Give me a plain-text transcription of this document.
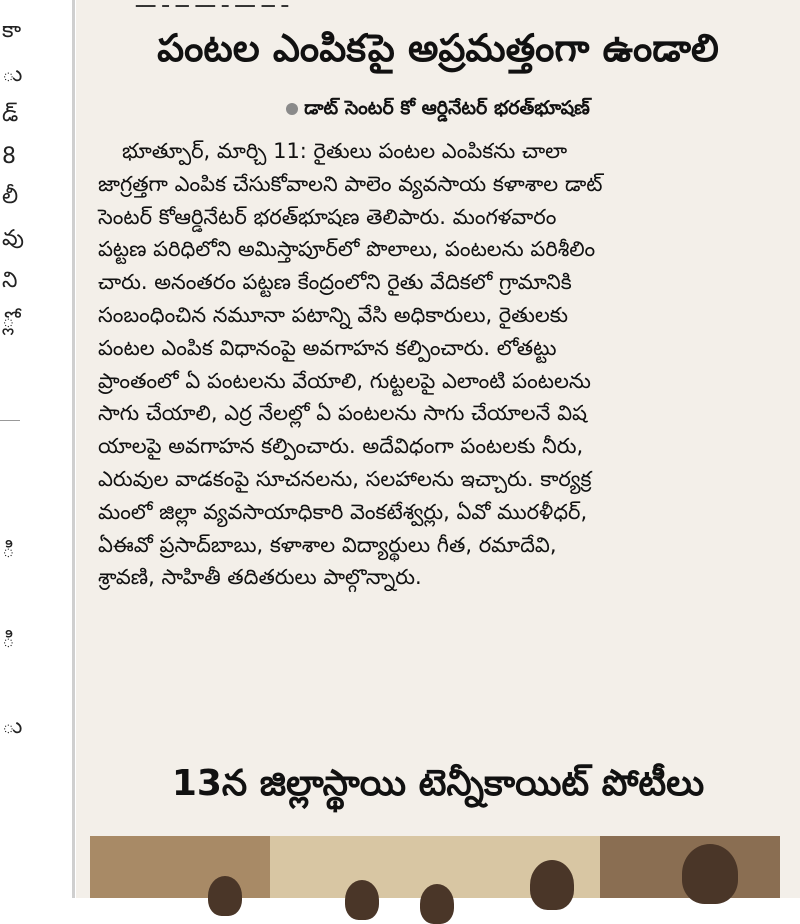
కా
ు
డ్
8
లీ
వు
ని
్లో
ి
ి
ు
ـ ــ ـــ ـ ـــ ــ ـ ـــ
పంటల ఎంపికపై అప్రమత్తంగా ఉండాలి
డాట్ సెంటర్ కో ఆర్డినేటర్ భరత్‌భూషణ్
భూత్పూర్, మార్చి 11: రైతులు పంటల ఎంపికను చాలా
జాగ్రత్తగా ఎంపిక చేసుకోవాలని పాలెం వ్యవసాయ కళాశాల డాట్
సెంటర్ కోఆర్డినేటర్ భరత్‌భూషణ తెలిపారు. మంగళవారం
పట్టణ పరిధిలోని అమిస్తాపూర్‌లో పొలాలు, పంటలను పరిశీలిం
చారు. అనంతరం పట్టణ కేంద్రంలోని రైతు వేదికలో గ్రామానికి
సంబంధించిన నమూనా పటాన్ని వేసి అధికారులు, రైతులకు
పంటల ఎంపిక విధానంపై అవగాహన కల్పించారు. లోతట్టు
ప్రాంతంలో ఏ పంటలను వేయాలి, గుట్టలపై ఎలాంటి పంటలను
సాగు చేయాలి, ఎర్ర నేలల్లో ఏ పంటలను సాగు చేయాలనే విష
యాలపై అవగాహన కల్పించారు. అదేవిధంగా పంటలకు నీరు,
ఎరువుల వాడకంపై సూచనలను, సలహాలను ఇచ్చారు. కార్యక్ర
మంలో జిల్లా వ్యవసాయాధికారి వెంకటేశ్వర్లు, ఏవో మురళీధర్,
ఏఈవో ప్రసాద్‌బాబు, కళాశాల విద్యార్థులు గీత, రమాదేవి,
శ్రావణి, సాహితీ తదితరులు పాల్గొన్నారు.
13న జిల్లాస్థాయి టెన్నీకాయిట్ పోటీలు
